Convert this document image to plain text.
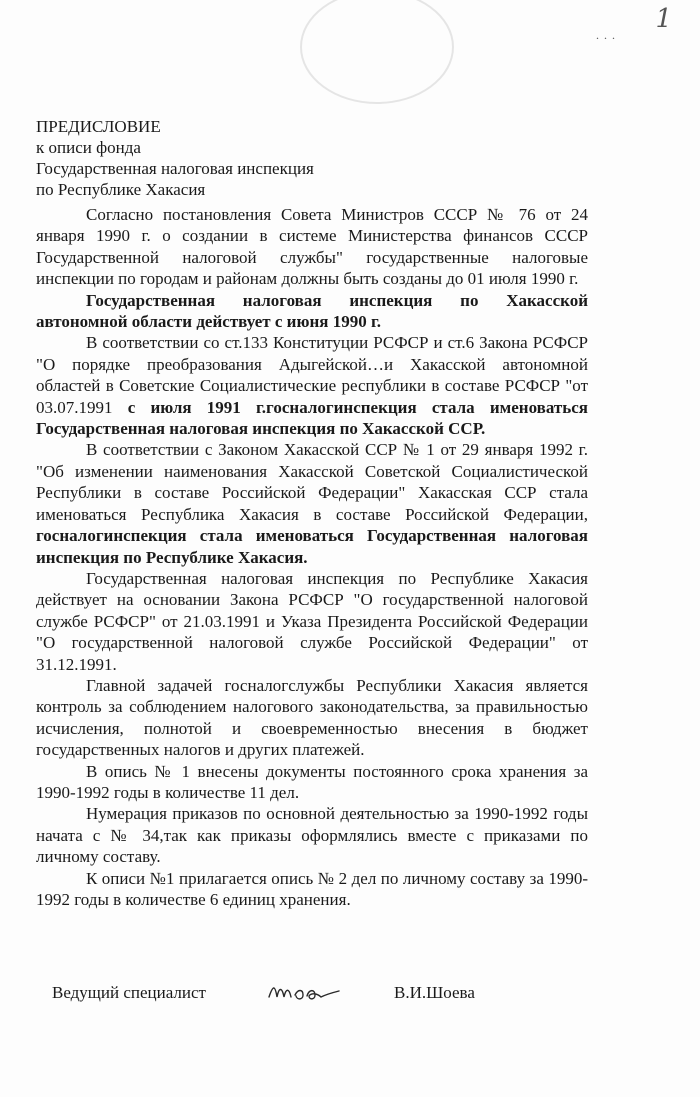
1
. . .

ПРЕДИСЛОВИЕ

к описи фонда

Государственная налоговая инспекция

по Республике Хакасия

Согласно постановления Совета Министров СССР № 76 от 24 января 1990 г. о создании в системе Министерства финансов СССР Государственной налоговой службы" государственные налоговые инспекции по городам и районам должны быть созданы до 01 июля 1990 г.

Государственная налоговая инспекция по Хакасской автономной области действует с июня 1990 г.

В соответствии со ст.133 Конституции РСФСР и ст.6 Закона РСФСР "О порядке преобразования Адыгейской…и Хакасской автономной областей в Советские Социалистические республики в составе РСФСР "от 03.07.1991 с июля 1991 г.госналогинспекция стала именоваться Государственная налоговая инспекция по Хакасской ССР.

В соответствии с Законом Хакасской ССР № 1 от 29 января 1992 г. "Об изменении наименования Хакасской Советской Социалистической Республики в составе Российской Федерации" Хакасская ССР стала именоваться Республика Хакасия в составе Российской Федерации, госналогинспекция стала именоваться Государственная налоговая инспекция по Республике Хакасия.

Государственная налоговая инспекция по Республике Хакасия действует на основании Закона РСФСР "О государственной налоговой службе РСФСР" от 21.03.1991 и Указа Президента Российской Федерации "О государственной налоговой службе Российской Федерации" от 31.12.1991.

Главной задачей госналогслужбы Республики Хакасия является контроль за соблюдением налогового законодательства, за правильностью исчисления, полнотой и своевременностью внесения в бюджет государственных налогов и других платежей.

В опись № 1 внесены документы постоянного срока хранения за 1990-1992 годы в количестве 11 дел.

Нумерация приказов по основной деятельностью за 1990-1992 годы начата с № 34,так как приказы оформлялись вместе с приказами по личному составу.

К описи №1 прилагается опись № 2 дел по личному составу за 1990-1992 годы в количестве 6 единиц хранения.

Ведущий специалист	В.И.Шоева
